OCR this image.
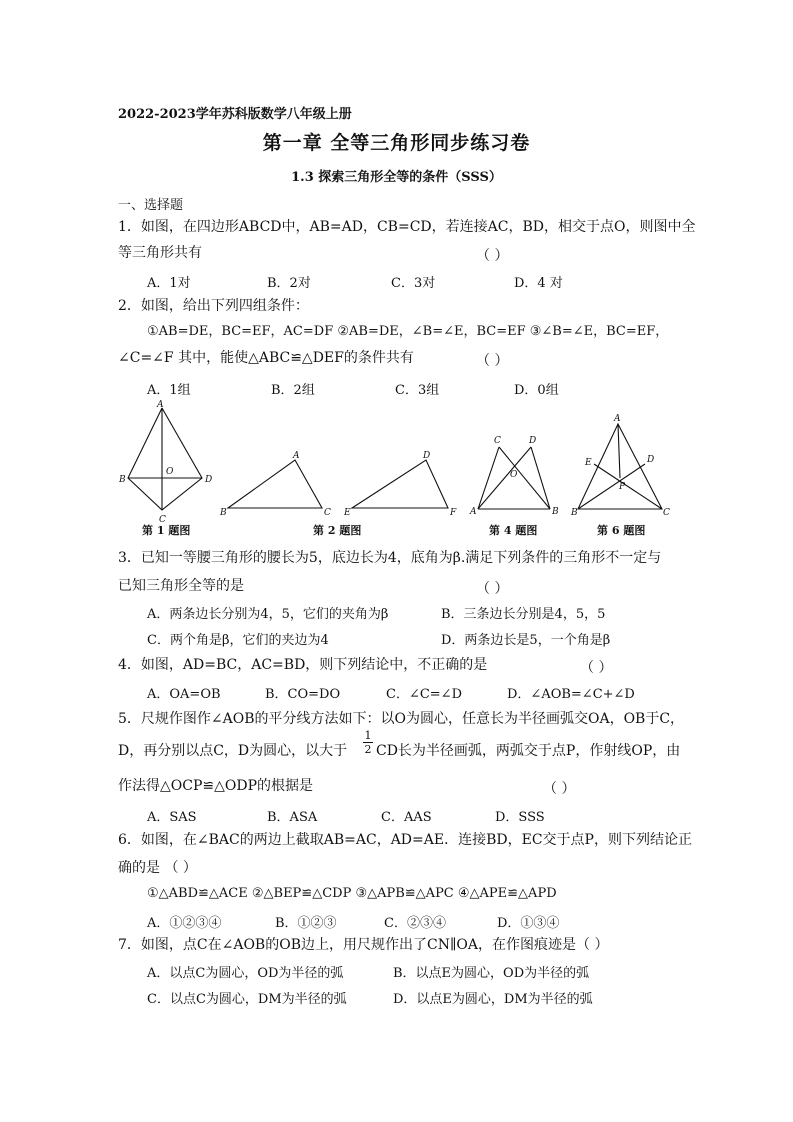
2022-2023学年苏科版数学八年级上册
第一章 全等三角形同步练习卷
1.3 探索三角形全等的条件（SSS）
一、选择题
1．如图，在四边形ABCD中，AB=AD，CB=CD，若连接AC，BD，相交于点O，则图中全
等三角形共有	（ ）
A．1对	B．2对	C．3对	D．4 对
2．如图，给出下列四组条件：
①AB=DE，BC=EF，AC=DF ②AB=DE，∠B=∠E，BC=EF ③∠B=∠E，BC=EF，
∠C=∠F 其中，能使△ABC≌△DEF的条件共有	（ ）
A．1组	B．2组	C．3组	D．0组
A
B
C
D
O
A
B	C
D
E	F
C	D
O
A	B
A
E	D
P
B	C
第 1 题图	第 2 题图	第 4 题图	第 6 题图
3．已知一等腰三角形的腰长为5，底边长为4，底角为β.满足下列条件的三角形不一定与
已知三角形全等的是	（ ）
A．两条边长分别为4，5，它们的夹角为β	B．三条边长分别是4，5，5
C．两个角是β，它们的夹边为4	D．两条边长是5，一个角是β
4．如图，AD=BC，AC=BD，则下列结论中，不正确的是	（ ）
A．OA=OB	B．CO=DO	C．∠C=∠D	D．∠AOB=∠C+∠D
5．尺规作图作∠AOB的平分线方法如下：以O为圆心，任意长为半径画弧交OA，OB于C，
D，再分别以点C，D为圆心，以大于 $\frac{1}{2}$ CD长为半径画弧，两弧交于点P，作射线OP，由
作法得△OCP≌△ODP的根据是	（ ）
A．SAS	B．ASA	C．AAS	D．SSS
6．如图，在∠BAC的两边上截取AB=AC，AD=AE．连接BD，EC交于点P，则下列结论正
确的是 （ ）
①△ABD≌△ACE ②△BEP≌△CDP ③△APB≌△APC ④△APE≌△APD
A．①②③④	B．①②③	C．②③④	D．①③④
7．如图，点C在∠AOB的OB边上，用尺规作出了CN∥OA，在作图痕迹是（ ）
A．以点C为圆心，OD为半径的弧	B．以点E为圆心，OD为半径的弧
C．以点C为圆心，DM为半径的弧	D．以点E为圆心，DM为半径的弧
